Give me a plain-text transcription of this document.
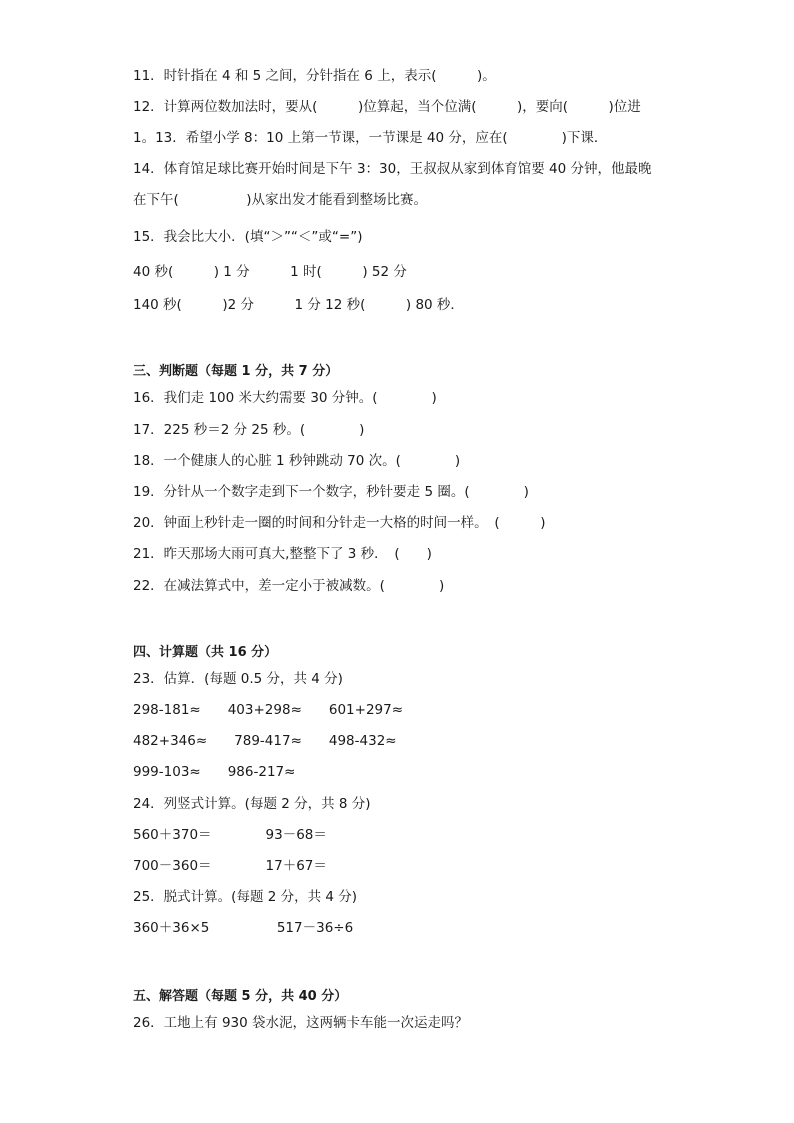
11．时针指在 4 和 5 之间，分针指在 6 上，表示(　　　)。
12．计算两位数加法时，要从(　　　)位算起，当个位满(　　　)，要向(　　　)位进
1。13．希望小学 8：10 上第一节课，一节课是 40 分，应在(　　　　)下课．
14．体育馆足球比赛开始时间是下午 3：30，王叔叔从家到体育馆要 40 分钟，他最晚
在下午(　　　　　)从家出发才能看到整场比赛。
15．我会比大小．(填“＞”“＜”或“=”)
40 秒(　　　) 1 分　　　1 时(　　　) 52 分
140 秒(　　　)2 分　　　1 分 12 秒(　　　) 80 秒．
三、判断题（每题 1 分，共 7 分）
16．我们走 100 米大约需要 30 分钟。(　　　　)
17．225 秒＝2 分 25 秒。(　　　　)
18．一个健康人的心脏 1 秒钟跳动 70 次。(　　　　)
19．分针从一个数字走到下一个数字，秒针要走 5 圈。(　　　　)
20．钟面上秒针走一圈的时间和分针走一大格的时间一样。　(　　　)
21．昨天那场大雨可真大,整整下了 3 秒．　(　　)
22．在减法算式中，差一定小于被减数。(　　　　)
四、计算题（共 16 分）
23．估算．(每题 0.5 分，共 4 分)
298-181≈　　403+298≈　　601+297≈
482+346≈　　789-417≈　　498-432≈
999-103≈　　986-217≈
24．列竖式计算。(每题 2 分，共 8 分)
560＋370＝　　　　93－68＝
700－360＝　　　　17＋67＝
25．脱式计算。(每题 2 分，共 4 分)
360＋36×5　　　　　517－36÷6
五、解答题（每题 5 分，共 40 分）
26．工地上有 930 袋水泥，这两辆卡车能一次运走吗？
